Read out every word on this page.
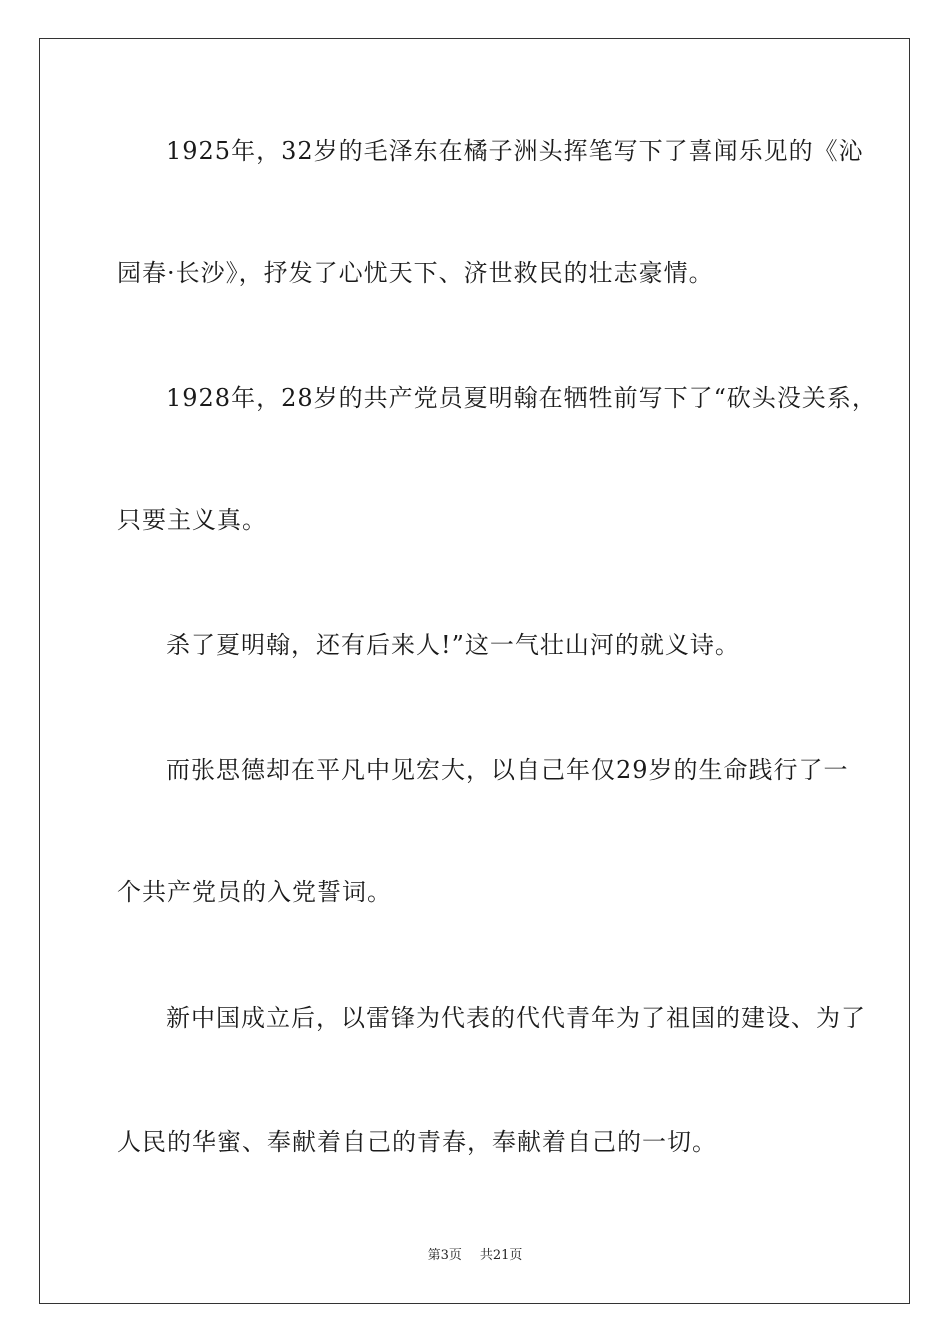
1925年，32岁的毛泽东在橘子洲头挥笔写下了喜闻乐见的《沁
园春·长沙》，抒发了心忧天下、济世救民的壮志豪情。
1928年，28岁的共产党员夏明翰在牺牲前写下了“砍头没关系，
只要主义真。
杀了夏明翰，还有后来人!”这一气壮山河的就义诗。
而张思德却在平凡中见宏大，以自己年仅29岁的生命践行了一
个共产党员的入党誓词。
新中国成立后，以雷锋为代表的代代青年为了祖国的建设、为了
人民的华蜜、奉献着自己的青春，奉献着自己的一切。
第3页 共21页
